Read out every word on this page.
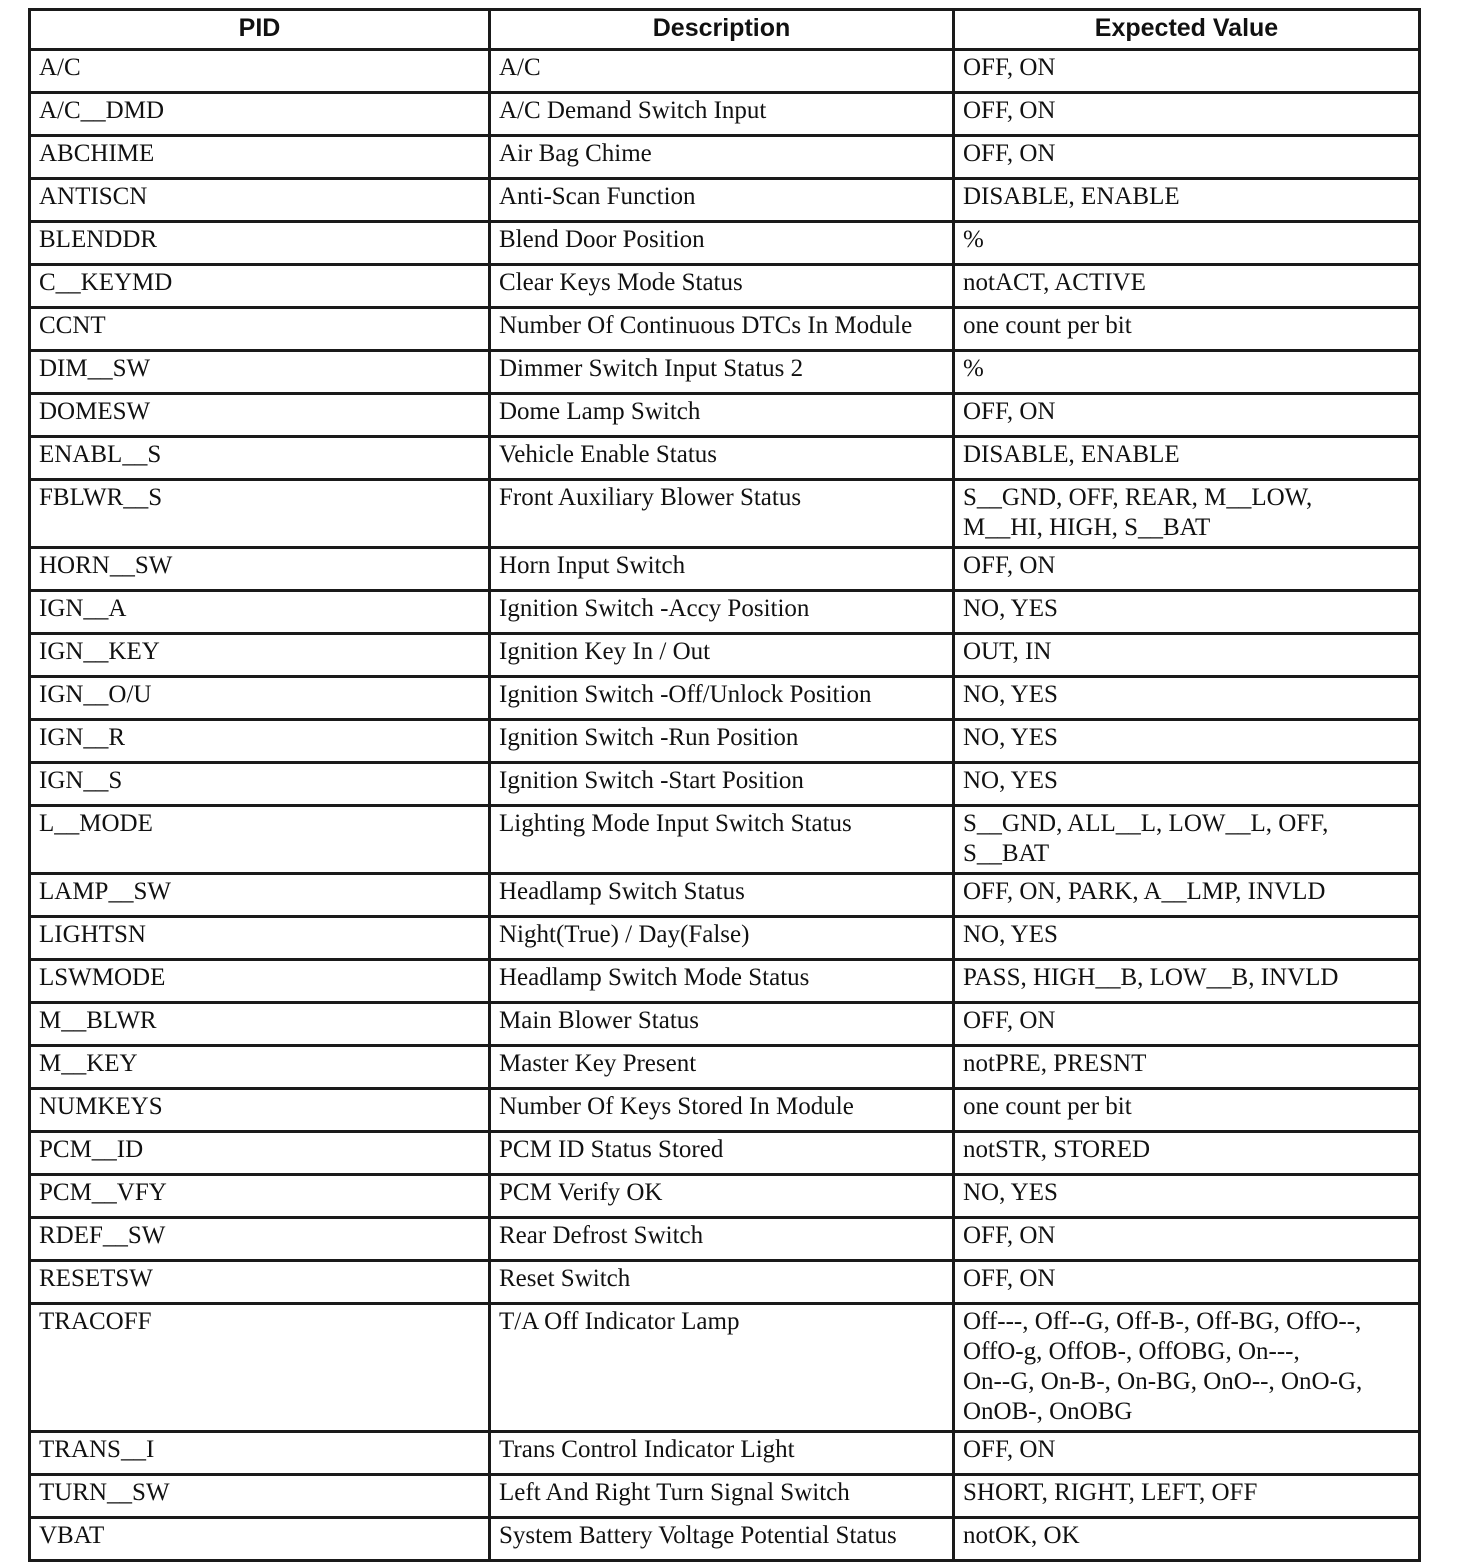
PID	Description	Expected Value
A/C	A/C	OFF, ON
A/C__DMD	A/C Demand Switch Input	OFF, ON
ABCHIME	Air Bag Chime	OFF, ON
ANTISCN	Anti-Scan Function	DISABLE, ENABLE
BLENDDR	Blend Door Position	%
C__KEYMD	Clear Keys Mode Status	notACT, ACTIVE
CCNT	Number Of Continuous DTCs In Module	one count per bit
DIM__SW	Dimmer Switch Input Status 2	%
DOMESW	Dome Lamp Switch	OFF, ON
ENABL__S	Vehicle Enable Status	DISABLE, ENABLE
FBLWR__S	Front Auxiliary Blower Status	S__GND, OFF, REAR, M__LOW,
M__HI, HIGH, S__BAT
HORN__SW	Horn Input Switch	OFF, ON
IGN__A	Ignition Switch -Accy Position	NO, YES
IGN__KEY	Ignition Key In / Out	OUT, IN
IGN__O/U	Ignition Switch -Off/Unlock Position	NO, YES
IGN__R	Ignition Switch -Run Position	NO, YES
IGN__S	Ignition Switch -Start Position	NO, YES
L__MODE	Lighting Mode Input Switch Status	S__GND, ALL__L, LOW__L, OFF,
S__BAT
LAMP__SW	Headlamp Switch Status	OFF, ON, PARK, A__LMP, INVLD
LIGHTSN	Night(True) / Day(False)	NO, YES
LSWMODE	Headlamp Switch Mode Status	PASS, HIGH__B, LOW__B, INVLD
M__BLWR	Main Blower Status	OFF, ON
M__KEY	Master Key Present	notPRE, PRESNT
NUMKEYS	Number Of Keys Stored In Module	one count per bit
PCM__ID	PCM ID Status Stored	notSTR, STORED
PCM__VFY	PCM Verify OK	NO, YES
RDEF__SW	Rear Defrost Switch	OFF, ON
RESETSW	Reset Switch	OFF, ON
TRACOFF	T/A Off Indicator Lamp	Off---, Off--G, Off-B-, Off-BG, OffO--,
OffO-g, OffOB-, OffOBG, On---,
On--G, On-B-, On-BG, OnO--, OnO-G,
OnOB-, OnOBG
TRANS__I	Trans Control Indicator Light	OFF, ON
TURN__SW	Left And Right Turn Signal Switch	SHORT, RIGHT, LEFT, OFF
VBAT	System Battery Voltage Potential Status	notOK, OK
